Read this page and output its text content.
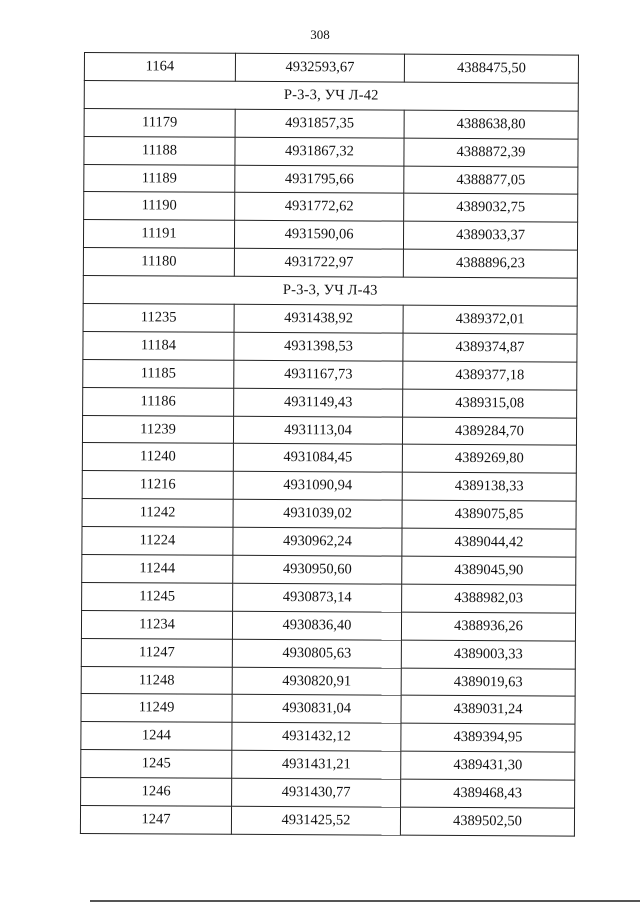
308
1164	4932593,67	4388475,50
Р-3-3, УЧ Л-42		
11179	4931857,35	4388638,80
11188	4931867,32	4388872,39
11189	4931795,66	4388877,05
11190	4931772,62	4389032,75
11191	4931590,06	4389033,37
11180	4931722,97	4388896,23
Р-3-3, УЧ Л-43		
11235	4931438,92	4389372,01
11184	4931398,53	4389374,87
11185	4931167,73	4389377,18
11186	4931149,43	4389315,08
11239	4931113,04	4389284,70
11240	4931084,45	4389269,80
11216	4931090,94	4389138,33
11242	4931039,02	4389075,85
11224	4930962,24	4389044,42
11244	4930950,60	4389045,90
11245	4930873,14	4388982,03
11234	4930836,40	4388936,26
11247	4930805,63	4389003,33
11248	4930820,91	4389019,63
11249	4930831,04	4389031,24
1244	4931432,12	4389394,95
1245	4931431,21	4389431,30
1246	4931430,77	4389468,43
1247	4931425,52	4389502,50
